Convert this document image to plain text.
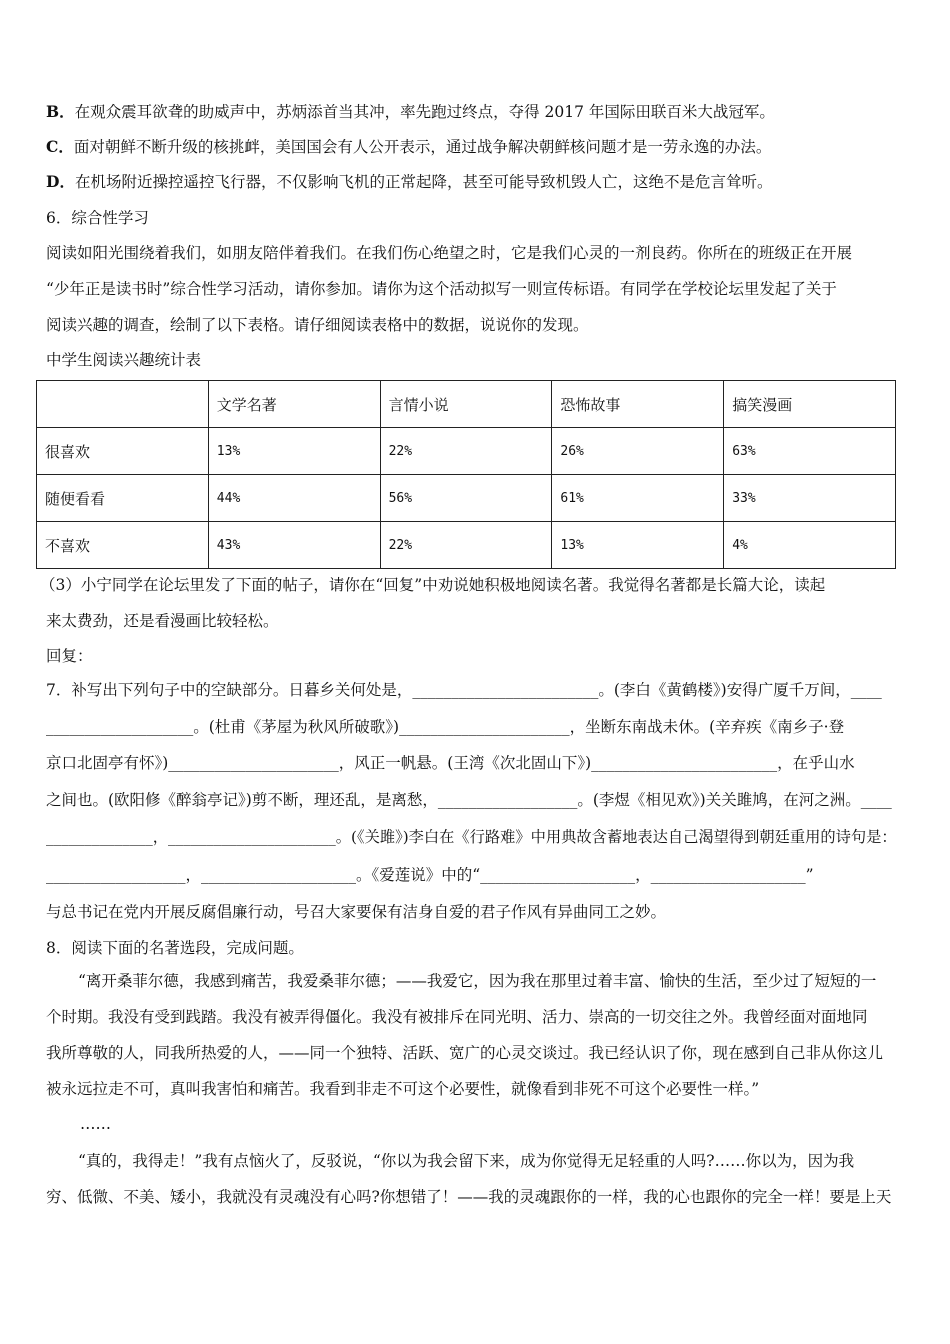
B．在观众震耳欲聋的助威声中，苏炳添首当其冲，率先跑过终点，夺得 2017 年国际田联百米大战冠军。
C．面对朝鲜不断升级的核挑衅，美国国会有人公开表示，通过战争解决朝鲜核问题才是一劳永逸的办法。
D．在机场附近操控遥控飞行器，不仅影响飞机的正常起降，甚至可能导致机毁人亡，这绝不是危言耸听。
6．综合性学习
阅读如阳光围绕着我们，如朋友陪伴着我们。在我们伤心绝望之时，它是我们心灵的一剂良药。你所在的班级正在开展
“少年正是读书时”综合性学习活动，请你参加。请你为这个活动拟写一则宣传标语。有同学在学校论坛里发起了关于
阅读兴趣的调查，绘制了以下表格。请仔细阅读表格中的数据，说说你的发现。
中学生阅读兴趣统计表
	文学名著	言情小说	恐怖故事	搞笑漫画
很喜欢	13%	22%	26%	63%
随便看看	44%	56%	61%	33%
不喜欢	43%	22%	13%	4%
（3）小宁同学在论坛里发了下面的帖子，请你在“回复”中劝说她积极地阅读名著。我觉得名著都是长篇大论，读起
来太费劲，还是看漫画比较轻松。
回复：
7．补写出下列句子中的空缺部分。日暮乡关何处是，________________________。(李白《黄鹤楼》)安得广厦千万间，____
___________________。(杜甫《茅屋为秋风所破歌》)______________________，坐断东南战未休。(辛弃疾《南乡子·登
京口北固亭有怀》)______________________，风正一帆悬。(王湾《次北固山下》)________________________，在乎山水
之间也。(欧阳修《醉翁亭记》)剪不断，理还乱，是离愁，__________________。(李煜《相见欢》)关关雎鸠，在河之洲。____
______________，______________________。(《关雎》)李白在《行路难》中用典故含蓄地表达自己渴望得到朝廷重用的诗句是：
__________________，____________________。《爱莲说》中的“____________________，____________________”
与总书记在党内开展反腐倡廉行动，号召大家要保有洁身自爱的君子作风有异曲同工之妙。
8．阅读下面的名著选段，完成问题。
“离开桑菲尔德，我感到痛苦，我爱桑菲尔德；——我爱它，因为我在那里过着丰富、愉快的生活，至少过了短短的一
个时期。我没有受到践踏。我没有被弄得僵化。我没有被排斥在同光明、活力、崇高的一切交往之外。我曾经面对面地同
我所尊敬的人，同我所热爱的人，——同一个独特、活跃、宽广的心灵交谈过。我已经认识了你，现在感到自己非从你这儿
被永远拉走不可，真叫我害怕和痛苦。我看到非走不可这个必要性，就像看到非死不可这个必要性一样。”
……
“真的，我得走！”我有点恼火了，反驳说，“你以为我会留下来，成为你觉得无足轻重的人吗?……你以为，因为我
穷、低微、不美、矮小，我就没有灵魂没有心吗?你想错了！——我的灵魂跟你的一样，我的心也跟你的完全一样！要是上天
